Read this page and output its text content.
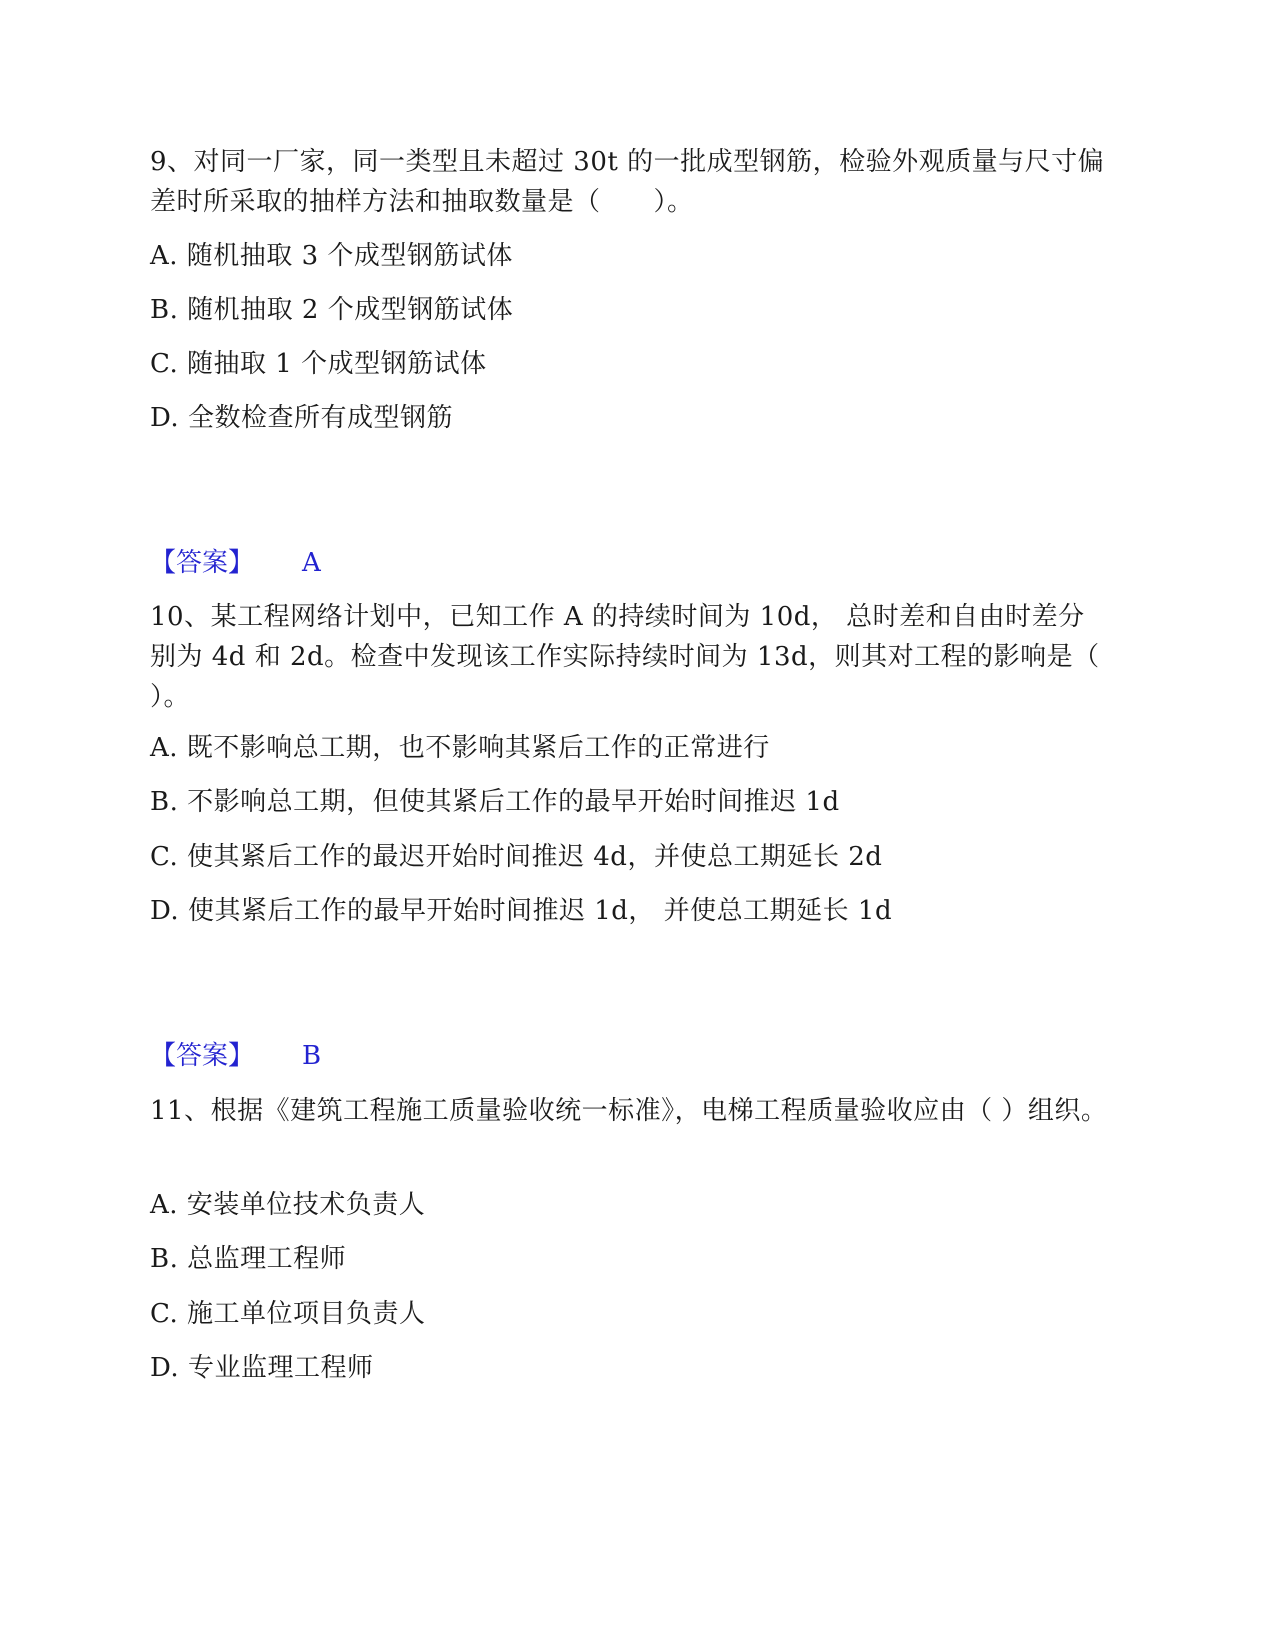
9、对同一厂家，同一类型且未超过 30t 的一批成型钢筋，检验外观质量与尺寸偏差时所采取的抽样方法和抽取数量是（　　）。
A. 随机抽取 3 个成型钢筋试体
B. 随机抽取 2 个成型钢筋试体
C. 随抽取 1 个成型钢筋试体
D. 全数检查所有成型钢筋
【答案】 A
10、某工程网络计划中，已知工作 A 的持续时间为 10d， 总时差和自由时差分别为 4d 和 2d。检查中发现该工作实际持续时间为 13d，则其对工程的影响是（ ）。
A. 既不影响总工期，也不影响其紧后工作的正常进行
B. 不影响总工期，但使其紧后工作的最早开始时间推迟 1d
C. 使其紧后工作的最迟开始时间推迟 4d，并使总工期延长 2d
D. 使其紧后工作的最早开始时间推迟 1d， 并使总工期延长 1d
【答案】 B
11、根据《建筑工程施工质量验收统一标准》，电梯工程质量验收应由（ ）组织。
A. 安装单位技术负责人
B. 总监理工程师
C. 施工单位项目负责人
D. 专业监理工程师
